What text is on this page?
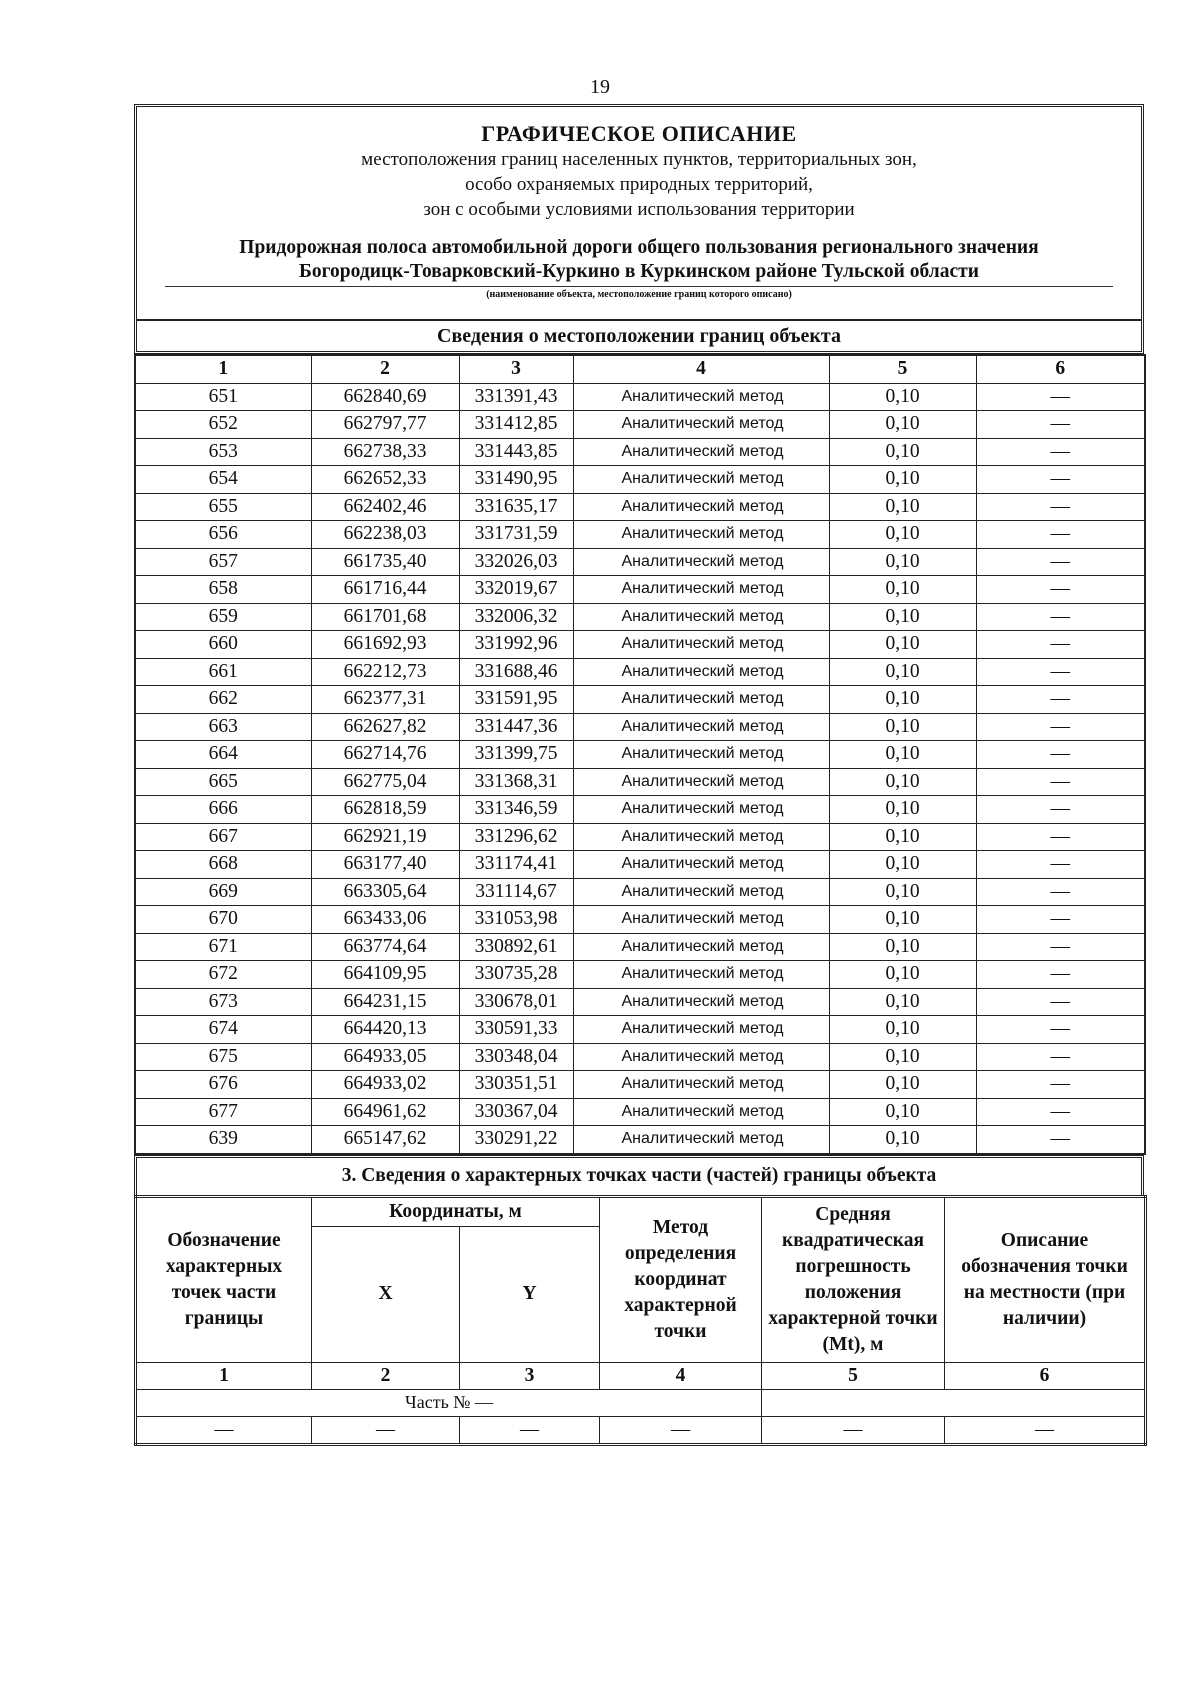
19
ГРАФИЧЕСКОЕ ОПИСАНИЕ
местоположения границ населенных пунктов, территориальных зон,
особо охраняемых природных территорий,
зон с особыми условиями использования территории
Придорожная полоса автомобильной дороги общего пользования регионального значения
Богородицк-Товарковский-Куркино в Куркинском районе Тульской области
(наименование объекта, местоположение границ которого описано)
Сведения о местоположении границ объекта
1	2	3	4	5	6
651	662840,69	331391,43	Аналитический метод	0,10	—
652	662797,77	331412,85	Аналитический метод	0,10	—
653	662738,33	331443,85	Аналитический метод	0,10	—
654	662652,33	331490,95	Аналитический метод	0,10	—
655	662402,46	331635,17	Аналитический метод	0,10	—
656	662238,03	331731,59	Аналитический метод	0,10	—
657	661735,40	332026,03	Аналитический метод	0,10	—
658	661716,44	332019,67	Аналитический метод	0,10	—
659	661701,68	332006,32	Аналитический метод	0,10	—
660	661692,93	331992,96	Аналитический метод	0,10	—
661	662212,73	331688,46	Аналитический метод	0,10	—
662	662377,31	331591,95	Аналитический метод	0,10	—
663	662627,82	331447,36	Аналитический метод	0,10	—
664	662714,76	331399,75	Аналитический метод	0,10	—
665	662775,04	331368,31	Аналитический метод	0,10	—
666	662818,59	331346,59	Аналитический метод	0,10	—
667	662921,19	331296,62	Аналитический метод	0,10	—
668	663177,40	331174,41	Аналитический метод	0,10	—
669	663305,64	331114,67	Аналитический метод	0,10	—
670	663433,06	331053,98	Аналитический метод	0,10	—
671	663774,64	330892,61	Аналитический метод	0,10	—
672	664109,95	330735,28	Аналитический метод	0,10	—
673	664231,15	330678,01	Аналитический метод	0,10	—
674	664420,13	330591,33	Аналитический метод	0,10	—
675	664933,05	330348,04	Аналитический метод	0,10	—
676	664933,02	330351,51	Аналитический метод	0,10	—
677	664961,62	330367,04	Аналитический метод	0,10	—
639	665147,62	330291,22	Аналитический метод	0,10	—
3. Сведения о характерных точках части (частей) границы объекта
Обозначение характерных точек части границы	Координаты, м		Метод определения координат характерной точки	Средняя квадратическая погрешность положения характерной точки (Mt), м	Описание обозначения точки на местности (при наличии)
	X	Y			
1	2	3	4	5	6
Часть № —					
—	—	—	—	—	—
